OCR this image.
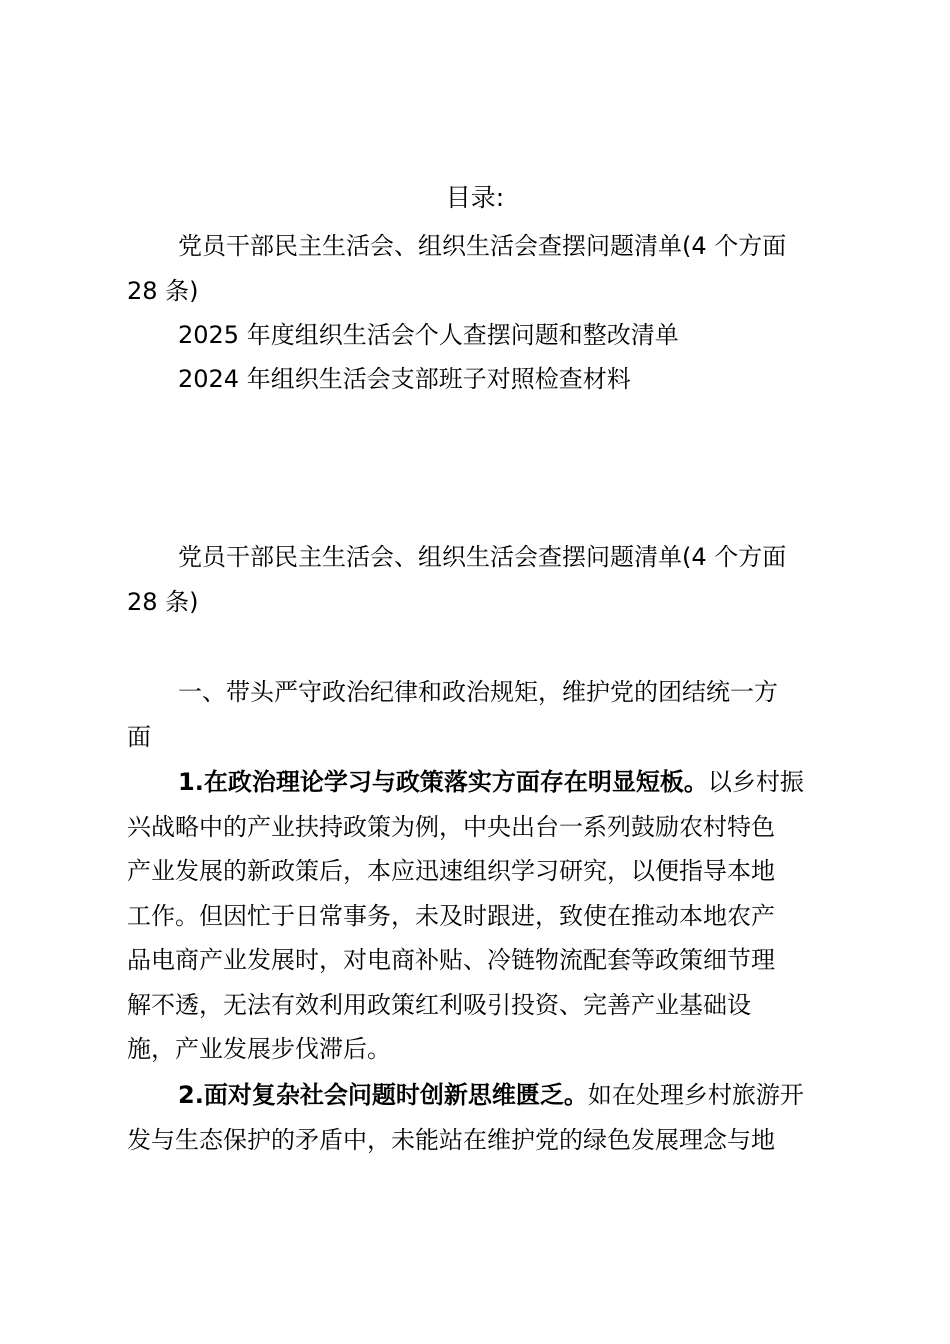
目录:

党员干部民主生活会、组织生活会查摆问题清单(4 个方面

28 条)

2025 年度组织生活会个人查摆问题和整改清单

2024 年组织生活会支部班子对照检查材料

党员干部民主生活会、组织生活会查摆问题清单(4 个方面

28 条)

一、带头严守政治纪律和政治规矩，维护党的团结统一方

面

1.在政治理论学习与政策落实方面存在明显短板。以乡村振

兴战略中的产业扶持政策为例，中央出台一系列鼓励农村特色

产业发展的新政策后，本应迅速组织学习研究，以便指导本地

工作。但因忙于日常事务，未及时跟进，致使在推动本地农产

品电商产业发展时，对电商补贴、冷链物流配套等政策细节理

解不透，无法有效利用政策红利吸引投资、完善产业基础设

施，产业发展步伐滞后。

2.面对复杂社会问题时创新思维匮乏。如在处理乡村旅游开

发与生态保护的矛盾中，未能站在维护党的绿色发展理念与地
